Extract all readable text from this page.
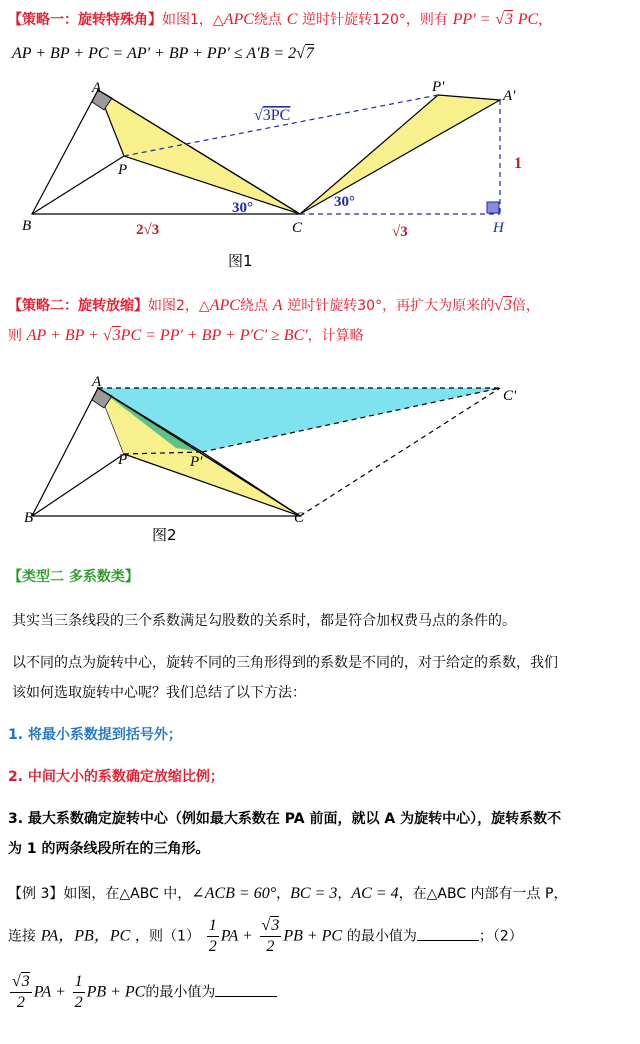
【策略一：旋转特殊角】如图1，△APC绕点 C 逆时针旋转120°，则有 PP' = √3 PC,
AP + BP + PC = AP' + BP + PP' ≤ A'B = 2√7
A
B	C
P
P'
A'
H
√3PC
30°	30°
2√3	√3
1
图1
【策略二：旋转放缩】如图2，△APC绕点 A 逆时针旋转30°，再扩大为原来的√3倍，
则 AP + BP + √3PC = PP' + BP + P'C' ≥ BC'，计算略
A
B	C
P	P'
C'
图2
【类型二 多系数类】
其实当三条线段的三个系数满足勾股数的关系时，都是符合加权费马点的条件的。
以不同的点为旋转中心，旋转不同的三角形得到的系数是不同的，对于给定的系数，我们
该如何选取旋转中心呢？我们总结了以下方法：
1. 将最小系数提到括号外；
2. 中间大小的系数确定放缩比例；
3. 最大系数确定旋转中心（例如最大系数在 PA 前面，就以 A 为旋转中心），旋转系数不
为 1 的两条线段所在的三角形。
【例 3】如图，在△ABC 中，∠ACB = 60°，BC = 3，AC = 4，在△ABC 内部有一点 P，
连接 PA，PB，PC ，则$(1) \frac{1}{2}$ PA + $\frac{√3}{2}$ PB + PC 的最小值为	；（2）
$\frac{√3}{2}$ PA + $\frac{1}{2}$ PB + PC的最小值为
